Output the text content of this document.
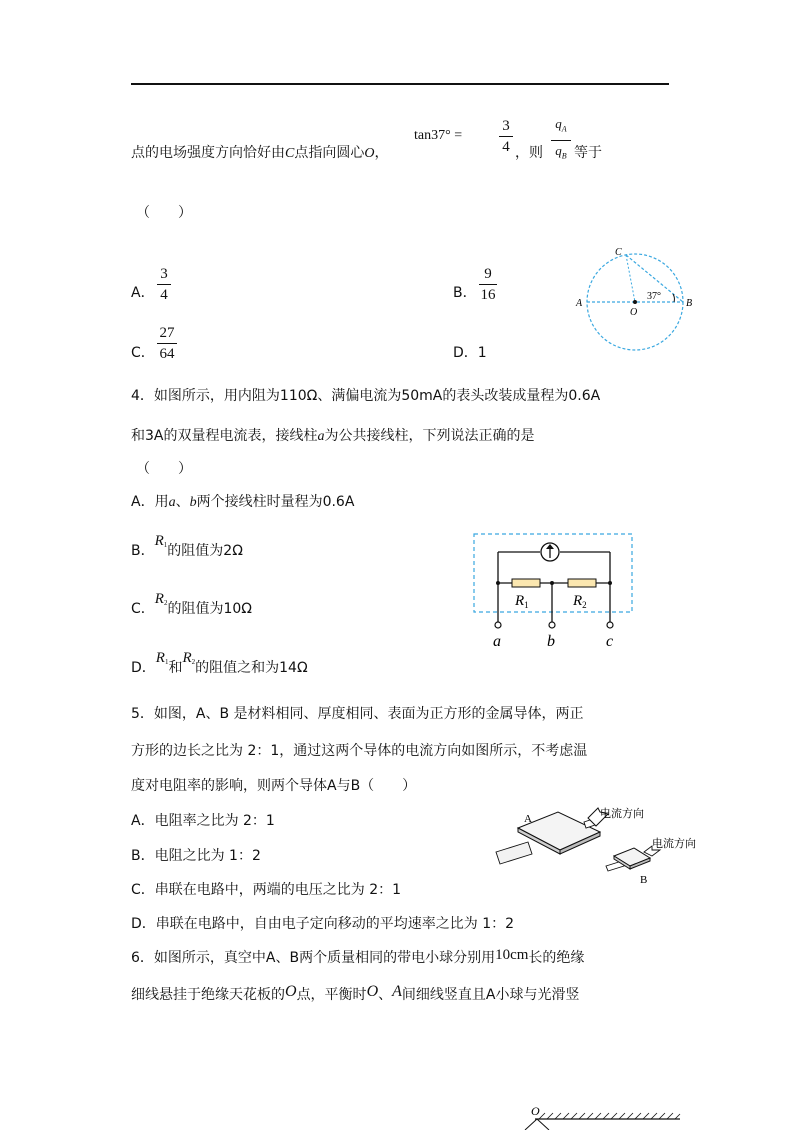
点的电场强度方向恰好由C点指向圆心O，
tan37° =
3
4 ，则
$q_A$
$q_B$ 等于
（　　）
A．
3
4	B．
9
16
C．
27
64	D．1
A	B
C
O
37°
4．如图所示，用内阻为110Ω、满偏电流为50mA的表头改装成量程为0.6A
和3A的双量程电流表，接线柱a为公共接线柱，下列说法正确的是
（　　）
A．用a、b两个接线柱时量程为0.6A
B．$R_1$的阻值为2Ω
C．$R_2$的阻值为10Ω
D．$R_1$和$R_2$的阻值之和为14Ω
$R_1$	$R_2$
a	b	c
5．如图，A、B 是材料相同、厚度相同、表面为正方形的金属导体，两正
方形的边长之比为 2：1，通过这两个导体的电流方向如图所示，不考虑温
度对电阻率的影响，则两个导体A与B（　　）
A．电阻率之比为 2：1
B．电阻之比为 1：2
C．串联在电路中，两端的电压之比为 2：1
D．串联在电路中，自由电子定向移动的平均速率之比为 1：2
A	电流方向
B
电流方向
6．如图所示，真空中A、B两个质量相同的带电小球分别用10cm长的绝缘
细线悬挂于绝缘天花板的O点，平衡时O、A间细线竖直且A小球与光滑竖
O
